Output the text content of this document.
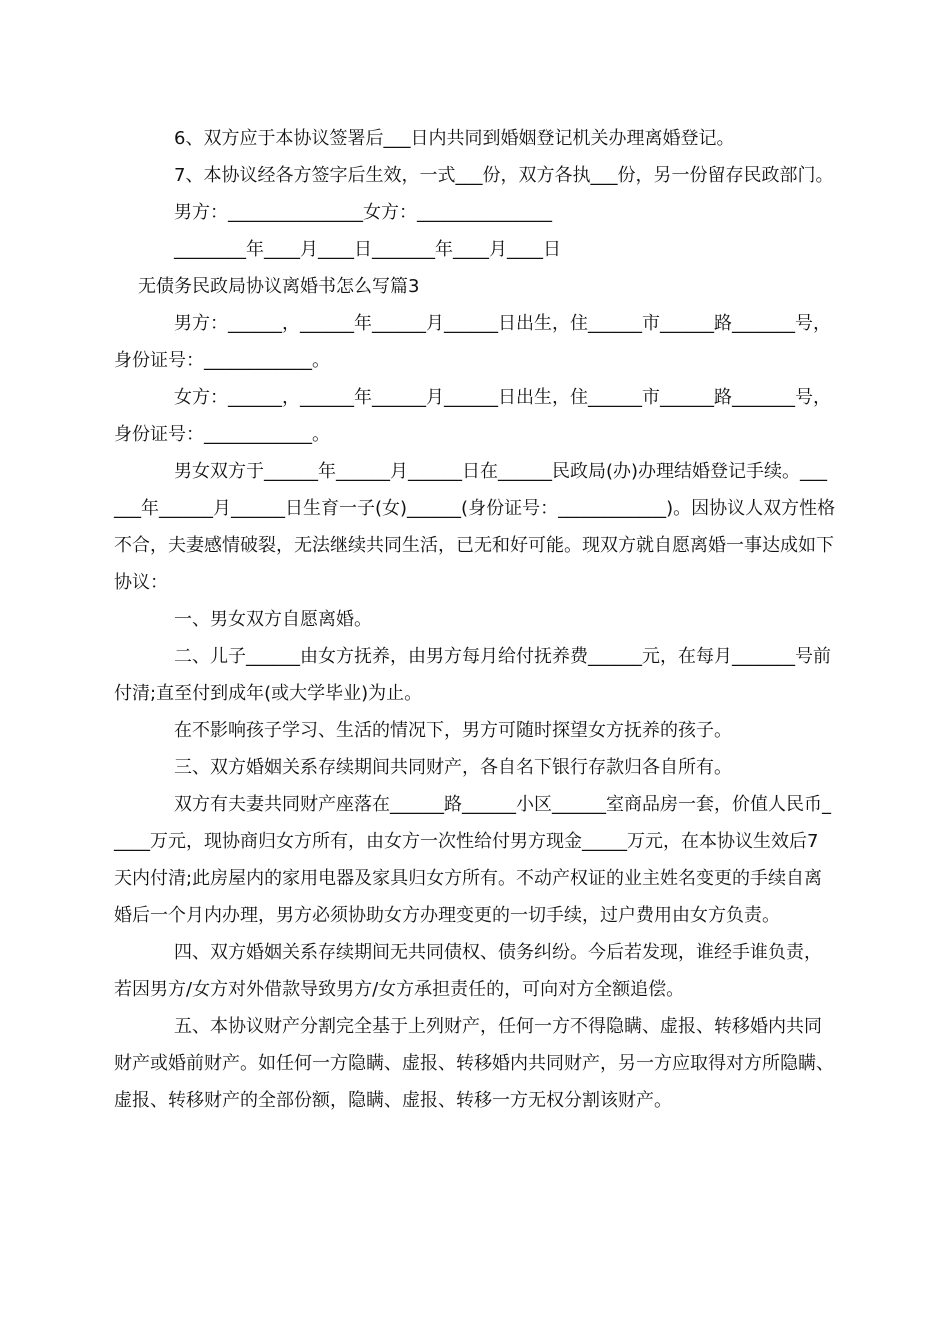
6、双方应于本协议签署后___日内共同到婚姻登记机关办理离婚登记。

7、本协议经各方签字后生效，一式___份，双方各执___份，另一份留存民政部门。

男方：_______________女方：_______________

________年____月____日_______年____月____日

无债务民政局协议离婚书怎么写篇3

男方：______，______年______月______日出生，住______市______路_______号，身份证号：____________。

女方：______，______年______月______日出生，住______市______路_______号，身份证号：____________。

男女双方于______年______月______日在______民政局(办)办理结婚登记手续。______年______月______日生育一子(女)______(身份证号：____________)。因协议人双方性格不合，夫妻感情破裂，无法继续共同生活，已无和好可能。现双方就自愿离婚一事达成如下协议：

一、男女双方自愿离婚。

二、儿子______由女方抚养，由男方每月给付抚养费______元，在每月_______号前付清;直至付到成年(或大学毕业)为止。

在不影响孩子学习、生活的情况下，男方可随时探望女方抚养的孩子。

三、双方婚姻关系存续期间共同财产，各自名下银行存款归各自所有。

双方有夫妻共同财产座落在______路______小区______室商品房一套，价值人民币_____万元，现协商归女方所有，由女方一次性给付男方现金_____万元，在本协议生效后7天内付清;此房屋内的家用电器及家具归女方所有。不动产权证的业主姓名变更的手续自离婚后一个月内办理，男方必须协助女方办理变更的一切手续，过户费用由女方负责。

四、双方婚姻关系存续期间无共同债权、债务纠纷。今后若发现，谁经手谁负责，若因男方/女方对外借款导致男方/女方承担责任的，可向对方全额追偿。

五、本协议财产分割完全基于上列财产，任何一方不得隐瞒、虚报、转移婚内共同财产或婚前财产。如任何一方隐瞒、虚报、转移婚内共同财产，另一方应取得对方所隐瞒、虚报、转移财产的全部份额，隐瞒、虚报、转移一方无权分割该财产。
